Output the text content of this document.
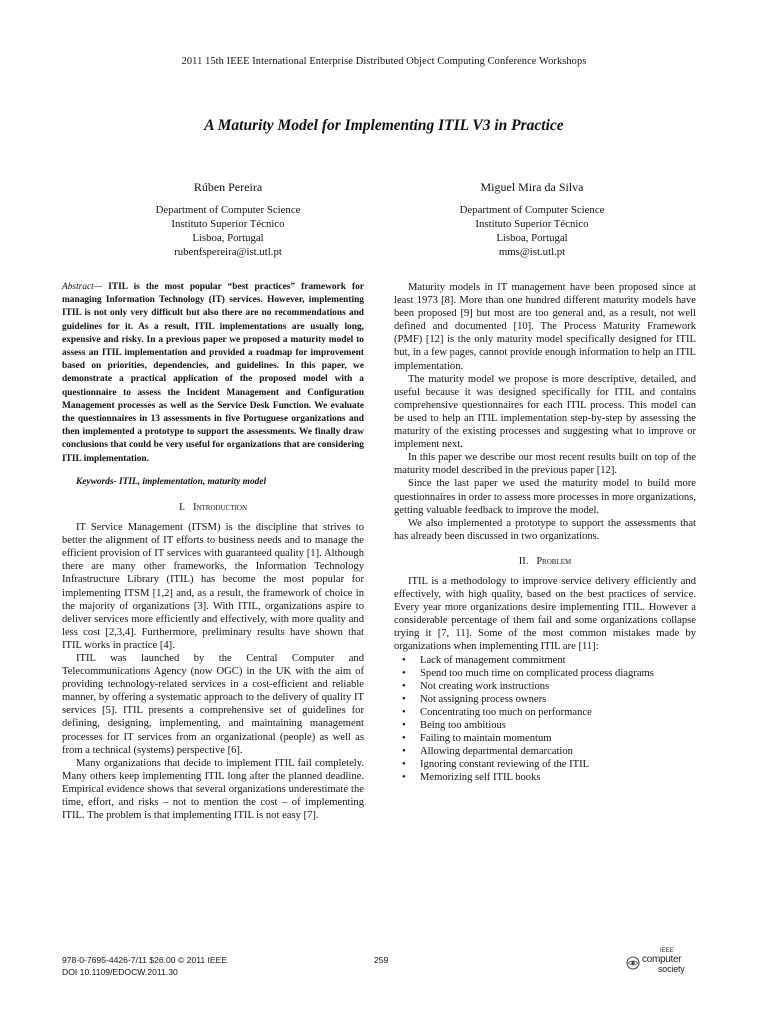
2011 15th IEEE International Enterprise Distributed Object Computing Conference Workshops
A Maturity Model for Implementing ITIL V3 in Practice
Rúben Pereira
Department of Computer Science
Instituto Superior Técnico
Lisboa, Portugal
rubenfspereira@ist.utl.pt
Miguel Mira da Silva
Department of Computer Science
Instituto Superior Técnico
Lisboa, Portugal
mms@ist.utl.pt
Abstract— ITIL is the most popular “best practices” framework for managing Information Technology (IT) services. However, implementing ITIL is not only very difficult but also there are no recommendations and guidelines for it. As a result, ITIL implementations are usually long, expensive and risky. In a previous paper we proposed a maturity model to assess an ITIL implementation and provided a roadmap for improvement based on priorities, dependencies, and guidelines. In this paper, we demonstrate a practical application of the proposed model with a questionnaire to assess the Incident Management and Configuration Management processes as well as the Service Desk Function. We evaluate the questionnaires in 13 assessments in five Portuguese organizations and then implemented a prototype to support the assessments. We finally draw conclusions that could be very useful for organizations that are considering ITIL implementation.
Keywords- ITIL, implementation, maturity model
I. Introduction

IT Service Management (ITSM) is the discipline that strives to better the alignment of IT efforts to business needs and to manage the efficient provision of IT services with guaranteed quality [1]. Although there are many other frameworks, the Information Technology Infrastructure Library (ITIL) has become the most popular for implementing ITSM [1,2] and, as a result, the framework of choice in the majority of organizations [3]. With ITIL, organizations aspire to deliver services more efficiently and effectively, with more quality and less cost [2,3,4]. Furthermore, preliminary results have shown that ITIL works in practice [4].

ITIL was launched by the Central Computer and Telecommunications Agency (now OGC) in the UK with the aim of providing technology-related services in a cost-efficient and reliable manner, by offering a systematic approach to the delivery of quality IT services [5]. ITIL presents a comprehensive set of guidelines for defining, designing, implementing, and maintaining management processes for IT services from an organizational (people) as well as from a technical (systems) perspective [6].

Many organizations that decide to implement ITIL fail completely. Many others keep implementing ITIL long after the planned deadline. Empirical evidence shows that several organizations underestimate the time, effort, and risks – not to mention the cost – of implementing ITIL. The problem is that implementing ITIL is not easy [7].

Maturity models in IT management have been proposed since at least 1973 [8]. More than one hundred different maturity models have been proposed [9] but most are too general and, as a result, not well defined and documented [10]. The Process Maturity Framework (PMF) [12] is the only maturity model specifically designed for ITIL but, in a few pages, cannot provide enough information to help an ITIL implementation.

The maturity model we propose is more descriptive, detailed, and useful because it was designed specifically for ITIL and contains comprehensive questionnaires for each ITIL process. This model can be used to help an ITIL implementation step-by-step by assessing the maturity of the existing processes and suggesting what to improve or implement next.

In this paper we describe our most recent results built on top of the maturity model described in the previous paper [12].

Since the last paper we used the maturity model to build more questionnaires in order to assess more processes in more organizations, getting valuable feedback to improve the model.

We also implemented a prototype to support the assessments that has already been discussed in two organizations.

II. Problem

ITIL is a methodology to improve service delivery efficiently and effectively, with high quality, based on the best practices of service. Every year more organizations desire implementing ITIL. However a considerable percentage of them fail and some organizations collapse trying it [7, 11]. Some of the most common mistakes made by organizations when implementing ITIL are [11]:

• Lack of management commitment
• Spend too much time on complicated process diagrams
• Not creating work instructions
• Not assigning process owners
• Concentrating too much on performance
• Being too ambitious
• Failing to maintain momentum
• Allowing departmental demarcation
• Ignoring constant reviewing of the ITIL
• Memorizing self ITIL books
978-0-7695-4426-7/11 $26.00 © 2011 IEEE
DOI 10.1109/EDOCW.2011.30
259
IEEE
computer
society
